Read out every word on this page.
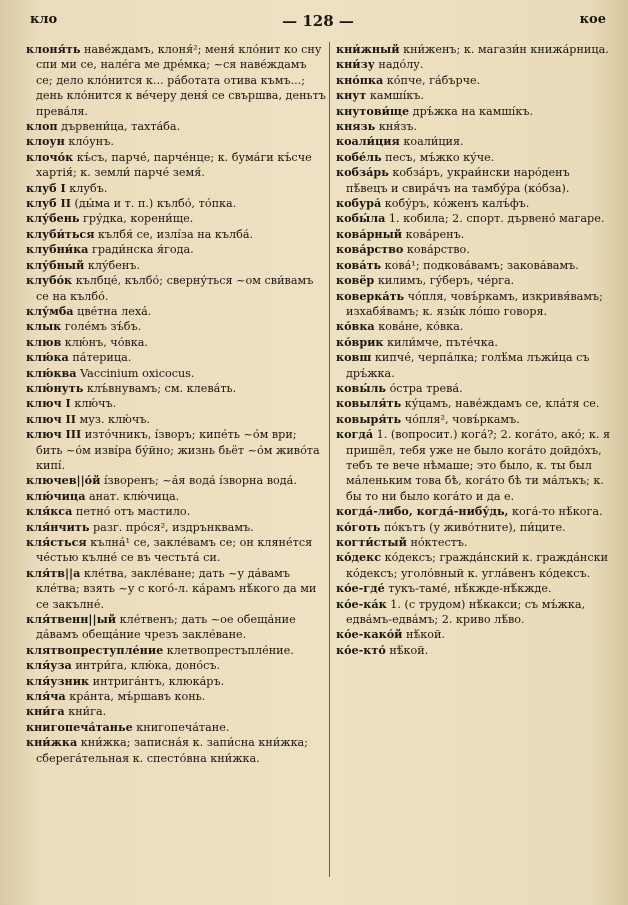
кло	— 128 —	кое

клоня́ть наве́ждамъ, клоня́²; меня́ кло́нит ко сну спи ми се, нале́га ме дре́мка; ~ся наве́ждамъ се; дело кло́нится к... ра́ботата отива къмъ...; день кло́нится к ве́черу деня́ се свършва, деньтъ прева́ля.

клоп дървени́ца, тахта́ба.

клоун кло́унъ.

клочо́к къ́съ, парче́, парче́нце; к. бума́ги къ́сче хартія́; к. земли́ парче́ земя́.

клуб I клубъ.

клуб II (ды́ма и т. п.) кълбо́, то́пка.

клу́бень гру́дка, корени́ще.

клуби́ться кълбя́ се, излі́за на кълба́.

клубни́ка гради́нска я́года.

клу́бный клу́бенъ.

клубо́к кълбце́, кълбо́; сверну́ться ~ом сви́вамъ се на кълбо́.

клу́мба цве́тна леха́.

клык голе́мъ зъ́бъ.

клюв клю́нъ, чо́вка.

клю́ка па́терица.

клю́ква Vaccinium oxicocus.

клю́нуть клъ́внувамъ; см. клева́ть.

ключ I клю́чъ.

ключ II муз. клю́чъ.

ключ III изто́чникъ, і́зворъ; кипе́ть ~о́м ври; бить ~о́м изві́ра бу́йно; жизнь бьёт ~о́м живо́та кипі́.

ключев||о́й і́зворенъ; ~а́я вода́ і́зворна вода́.

клю́чица анат. клю́чица.

кля́кса петно́ отъ мастило.

кля́нчить разг. про́ся², издрънквамъ.

кля́сться кълна́¹ се, закле́вамъ се; он кляне́тся че́стью кълне́ се въ честьта́ си.

кля́тв||а кле́тва, закле́ване; дать ~у да́вамъ кле́тва; взять ~у с кого́-л. ка́рамъ нѣ́кого да ми се закълне́.

кля́твенн||ый кле́твенъ; дать ~ое обеща́ние да́вамъ обеща́ние чрезъ закле́ване.

клятвопреступле́ние клетвопрестъпле́ние.

кля́уза интри́га, клю́ка, доно́съ.

кля́узник интрига́нтъ, клюка́ръ.

кля́ча кра́нта, мъ́ршавъ конь.

кни́га кни́га.

книгопеча́танье книгопеча́тане.

кни́жка кни́жка; записна́я к. запи́сна кни́жка; сберега́тельная к. спесто́вна кни́жка.

кни́жный кни́женъ; к. магази́н книжа́рница.

кни́зу надо́лу.

кно́пка ко́пче, га́бърче.

кнут камші́къ.

кнутови́ще дръ́жка на камші́къ.

князь кня́зъ.

коали́ция коали́ция.

кобе́ль песъ, мъ́жко ку́че.

кобза́рь кобза́ръ, украи́нски наро́денъ пѣ́вецъ и свира́чъ на тамбу́ра (ко́бза).

кобура́ кобу́ръ, ко́женъ калъ́фъ.

кобы́ла 1. кобила; 2. спорт. дървено́ магаре.

кова́рный кова́ренъ.

кова́рство кова́рство.

кова́ть кова́¹; подкова́вамъ; закова́вамъ.

ковёр килимъ, гу́беръ, че́рга.

коверка́ть чо́пля, човъ́ркамъ, изкривя́вамъ; изхабя́вамъ; к. язы́к ло́шо говоря.

ко́вка кова́не, ко́вка.

ко́врик кили́мче, пъте́чка.

ковш кипче́, черпа́лка; голѣ́ма лъжи́ца съ дръ́жка.

ковы́ль о́стра трева́.

ковыля́ть ку́цамъ, наве́ждамъ се, кла́тя се.

ковыря́ть чо́пля², човъ́ркамъ.

когда́ 1. (вопросит.) кога́?; 2. кога́то, ако́; к. я пришёл, тебя уже не было кога́то дойдо́хъ, тебъ те вече нѣмаше; это было, к. ты был ма́леньким това бѣ, кога́то бѣ ти ма́лъкъ; к. бы то ни было кога́то и да е.

когда́-либо, когда́-нибу́дь, кога́-то нѣ́кога.

ко́готь по́кътъ (у живо́тните), пи́ците.

когти́стый но́ктестъ.

ко́декс ко́дексъ; гражда́нский к. гражда́нски ко́дексъ; уголо́вный к. угла́венъ ко́дексъ.

ко́е-где́ тукъ-таме́, нѣ́кжде-нѣ́кжде.

ко́е-ка́к 1. (с трудом) нѣ́какси; съ мъ́жка, едва́мъ-едва́мъ; 2. криво лѣ́во.

ко́е-како́й нѣ́кой.

ко́е-кто́ нѣ́кой.
